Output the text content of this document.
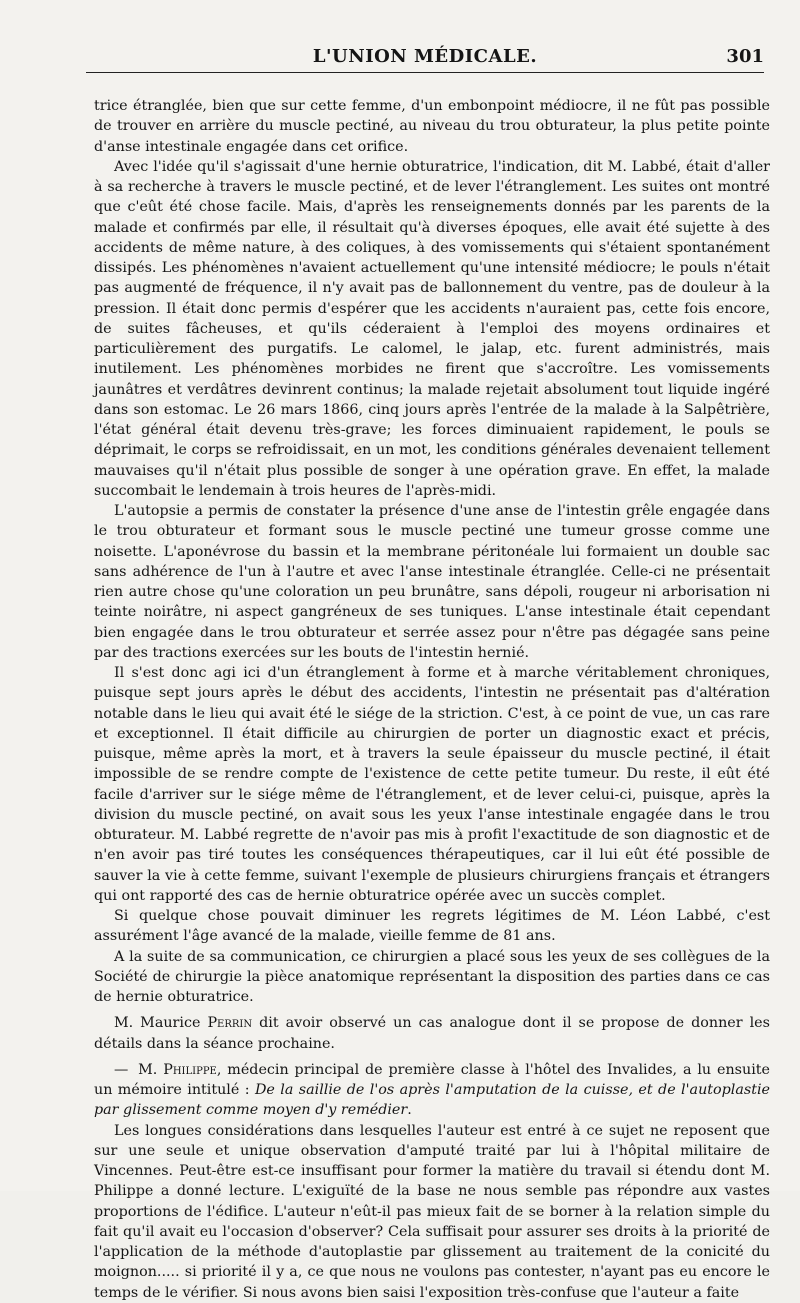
L'UNION MÉDICALE.	301

trice étranglée, bien que sur cette femme, d'un embonpoint médiocre, il ne fût pas possible de trouver en arrière du muscle pectiné, au niveau du trou obturateur, la plus petite pointe d'anse intestinale engagée dans cet orifice.

Avec l'idée qu'il s'agissait d'une hernie obturatrice, l'indication, dit M. Labbé, était d'aller à sa recherche à travers le muscle pectiné, et de lever l'étranglement. Les suites ont montré que c'eût été chose facile. Mais, d'après les renseignements donnés par les parents de la malade et confirmés par elle, il résultait qu'à diverses époques, elle avait été sujette à des accidents de même nature, à des coliques, à des vomissements qui s'étaient spontanément dissipés. Les phénomènes n'avaient actuellement qu'une intensité médiocre; le pouls n'était pas augmenté de fréquence, il n'y avait pas de ballonnement du ventre, pas de douleur à la pression. Il était donc permis d'espérer que les accidents n'auraient pas, cette fois encore, de suites fâcheuses, et qu'ils céderaient à l'emploi des moyens ordinaires et particulièrement des purgatifs. Le calomel, le jalap, etc. furent administrés, mais inutilement. Les phénomènes morbides ne firent que s'accroître. Les vomissements jaunâtres et verdâtres devinrent continus; la malade rejetait absolument tout liquide ingéré dans son estomac. Le 26 mars 1866, cinq jours après l'entrée de la malade à la Salpêtrière, l'état général était devenu très-grave; les forces diminuaient rapidement, le pouls se déprimait, le corps se refroidissait, en un mot, les conditions générales devenaient tellement mauvaises qu'il n'était plus possible de songer à une opération grave. En effet, la malade succombait le lendemain à trois heures de l'après-midi.

L'autopsie a permis de constater la présence d'une anse de l'intestin grêle engagée dans le trou obturateur et formant sous le muscle pectiné une tumeur grosse comme une noisette. L'aponévrose du bassin et la membrane péritonéale lui formaient un double sac sans adhérence de l'un à l'autre et avec l'anse intestinale étranglée. Celle-ci ne présentait rien autre chose qu'une coloration un peu brunâtre, sans dépoli, rougeur ni arborisation ni teinte noirâtre, ni aspect gangréneux de ses tuniques. L'anse intestinale était cependant bien engagée dans le trou obturateur et serrée assez pour n'être pas dégagée sans peine par des tractions exercées sur les bouts de l'intestin hernié.

Il s'est donc agi ici d'un étranglement à forme et à marche véritablement chroniques, puisque sept jours après le début des accidents, l'intestin ne présentait pas d'altération notable dans le lieu qui avait été le siége de la striction. C'est, à ce point de vue, un cas rare et exceptionnel. Il était difficile au chirurgien de porter un diagnostic exact et précis, puisque, même après la mort, et à travers la seule épaisseur du muscle pectiné, il était impossible de se rendre compte de l'existence de cette petite tumeur. Du reste, il eût été facile d'arriver sur le siége même de l'étranglement, et de lever celui-ci, puisque, après la division du muscle pectiné, on avait sous les yeux l'anse intestinale engagée dans le trou obturateur. M. Labbé regrette de n'avoir pas mis à profit l'exactitude de son diagnostic et de n'en avoir pas tiré toutes les conséquences thérapeutiques, car il lui eût été possible de sauver la vie à cette femme, suivant l'exemple de plusieurs chirurgiens français et étrangers qui ont rapporté des cas de hernie obturatrice opérée avec un succès complet.

Si quelque chose pouvait diminuer les regrets légitimes de M. Léon Labbé, c'est assurément l'âge avancé de la malade, vieille femme de 81 ans.

A la suite de sa communication, ce chirurgien a placé sous les yeux de ses collègues de la Société de chirurgie la pièce anatomique représentant la disposition des parties dans ce cas de hernie obturatrice.

M. Maurice Perrin dit avoir observé un cas analogue dont il se propose de donner les détails dans la séance prochaine.

— M. Philippe, médecin principal de première classe à l'hôtel des Invalides, a lu ensuite un mémoire intitulé : De la saillie de l'os après l'amputation de la cuisse, et de l'autoplastie par glissement comme moyen d'y remédier.

Les longues considérations dans lesquelles l'auteur est entré à ce sujet ne reposent que sur une seule et unique observation d'amputé traité par lui à l'hôpital militaire de Vincennes. Peut-être est-ce insuffisant pour former la matière du travail si étendu dont M. Philippe a donné lecture. L'exiguïté de la base ne nous semble pas répondre aux vastes proportions de l'édifice. L'auteur n'eût-il pas mieux fait de se borner à la relation simple du fait qu'il avait eu l'occasion d'observer? Cela suffisait pour assurer ses droits à la priorité de l'application de la méthode d'autoplastie par glissement au traitement de la conicité du moignon..... si priorité il y a, ce que nous ne voulons pas contester, n'ayant pas eu encore le temps de le vérifier. Si nous avons bien saisi l'exposition très-confuse que l'auteur a faite
